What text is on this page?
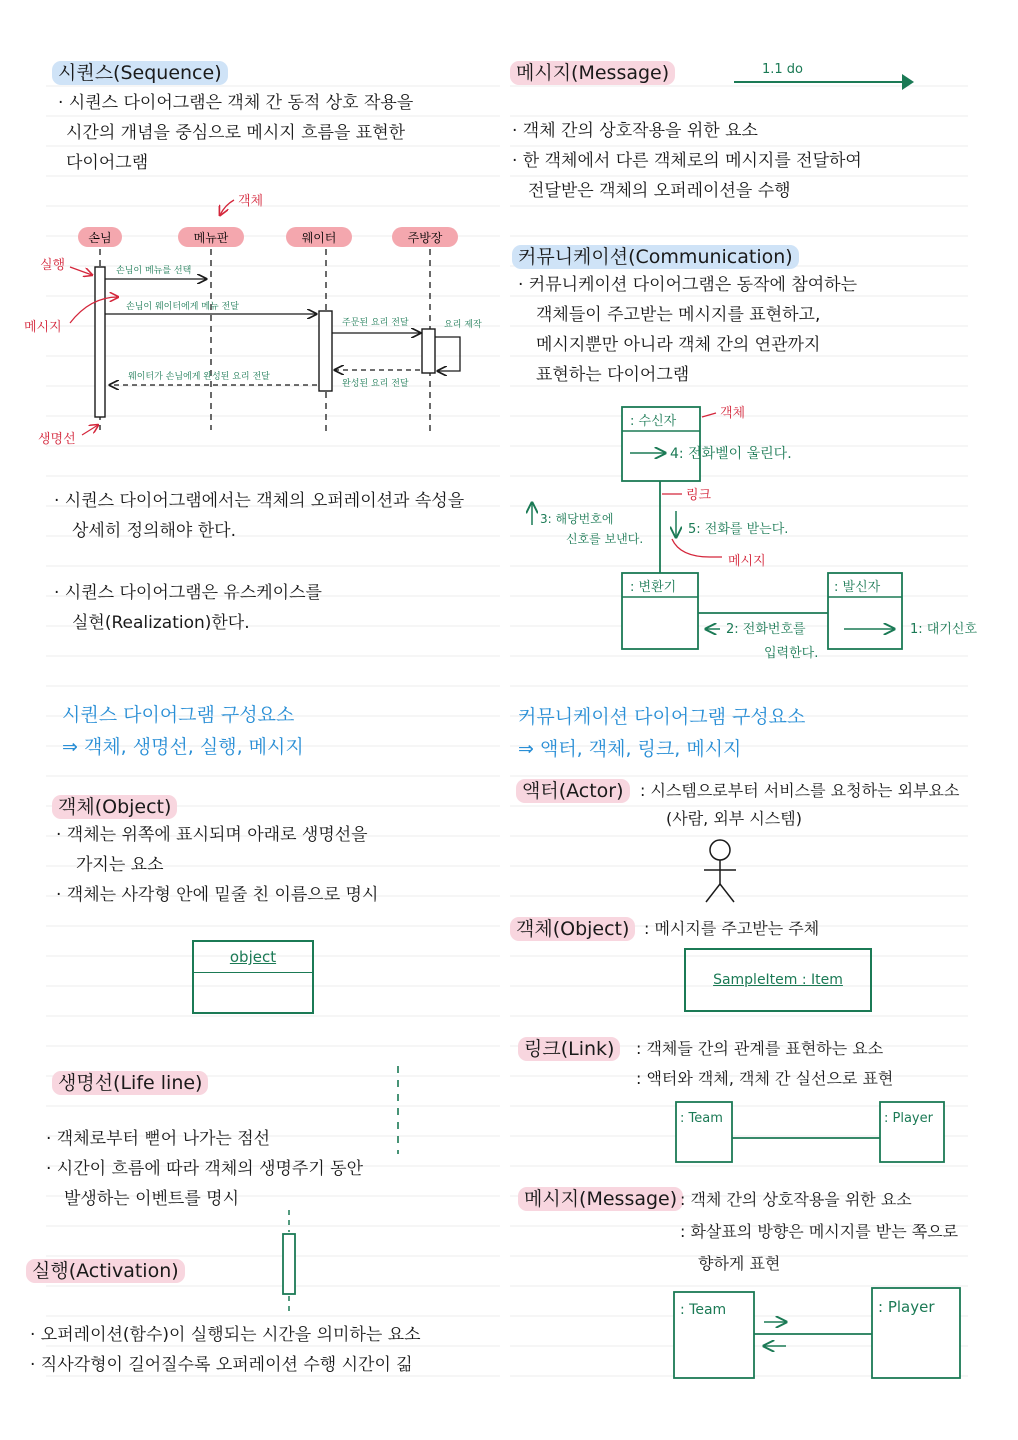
시퀀스(Sequence)
· 시퀀스 다이어그램은 객체 간 동적 상호 작용을
시간의 개념을 중심으로 메시지 흐름을 표현한
다이어그램
객체
손님	메뉴판	웨이터	주방장
손님이 메뉴를 선택
손님이 웨이터에게 메뉴 전달
주문된 요리 전달	요리 제작
완성된 요리 전달
웨이터가 손님에게 완성된 요리 전달
실행
메시지
생명선
· 시퀀스 다이어그램에서는 객체의 오퍼레이션과 속성을
상세히 정의해야 한다.
· 시퀀스 다이어그램은 유스케이스를
실현(Realization)한다.
시퀀스 다이어그램 구성요소
⇒ 객체, 생명선, 실행, 메시지
객체(Object)
· 객체는 위쪽에 표시되며 아래로 생명선을
가지는 요소
· 객체는 사각형 안에 밑줄 친 이름으로 명시
object
생명선(Life line)
· 객체로부터 뻗어 나가는 점선
· 시간이 흐름에 따라 객체의 생명주기 동안
발생하는 이벤트를 명시
실행(Activation)
· 오퍼레이션(함수)이 실행되는 시간을 의미하는 요소
· 직사각형이 길어질수록 오퍼레이션 수행 시간이 긺
메시지(Message)	1.1 do
· 객체 간의 상호작용을 위한 요소
· 한 객체에서 다른 객체로의 메시지를 전달하여
전달받은 객체의 오퍼레이션을 수행
커뮤니케이션(Communication)
· 커뮤니케이션 다이어그램은 동작에 참여하는
객체들이 주고받는 메시지를 표현하고,
메시지뿐만 아니라 객체 간의 연관까지
표현하는 다이어그램
: 수신자
4: 전화벨이 울린다.
객체
링크
3: 해당번호에
신호를 보낸다.
5: 전화를 받는다.
메시지
: 변환기	: 발신자
2: 전화번호를
입력한다.
1: 대기신호
커뮤니케이션 다이어그램 구성요소
⇒ 액터, 객체, 링크, 메시지
액터(Actor)	: 시스템으로부터 서비스를 요청하는 외부요소
(사람, 외부 시스템)
객체(Object) : 메시지를 주고받는 주체
SampleItem : Item
링크(Link)	: 객체들 간의 관계를 표현하는 요소
: 액터와 객체, 객체 간 실선으로 표현
: Team	: Player
메시지(Message) : 객체 간의 상호작용을 위한 요소
: 화살표의 방향은 메시지를 받는 쪽으로
향하게 표현
: Team	: Player
